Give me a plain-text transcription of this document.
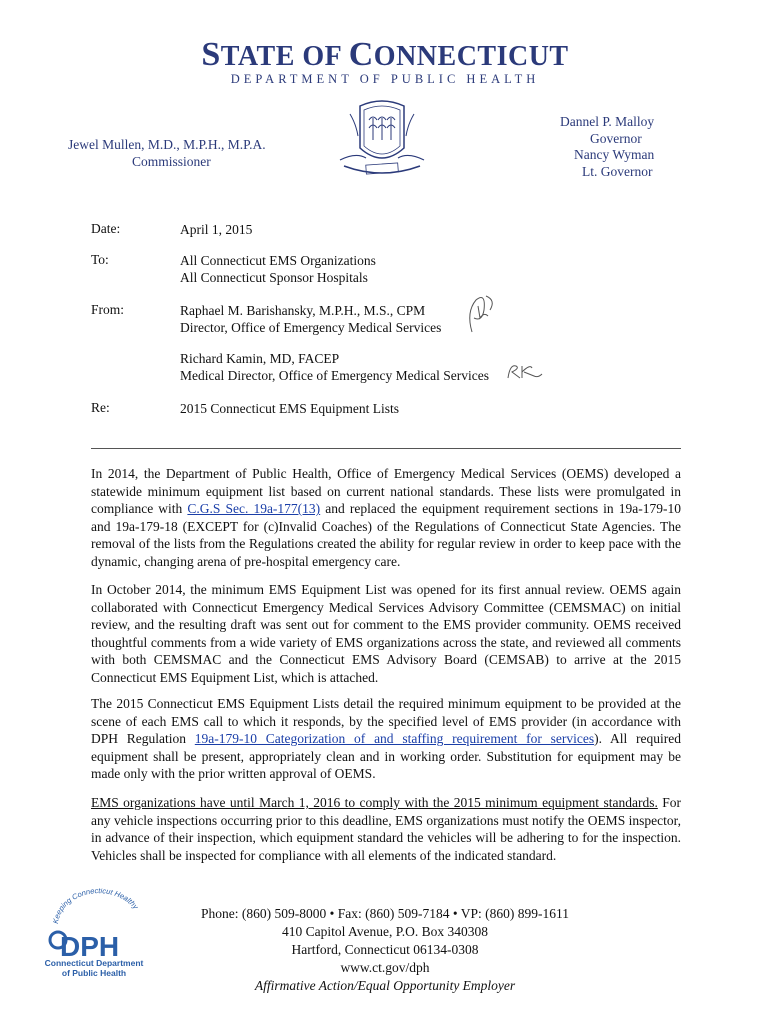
STATE OF CONNECTICUT
DEPARTMENT OF PUBLIC HEALTH
Jewel Mullen, M.D., M.P.H., M.P.A.
Commissioner
Dannel P. Malloy
Governor
Nancy Wyman
Lt. Governor
Date:	April 1, 2015
To:	All Connecticut EMS Organizations
All Connecticut Sponsor Hospitals
From:	Raphael M. Barishansky, M.P.H., M.S., CPM
Director, Office of Emergency Medical Services
Richard Kamin, MD, FACEP
Medical Director, Office of Emergency Medical Services
Re:	2015 Connecticut EMS Equipment Lists
In 2014, the Department of Public Health, Office of Emergency Medical Services (OEMS) developed a statewide minimum equipment list based on current national standards. These lists were promulgated in compliance with C.G.S Sec. 19a-177(13) and replaced the equipment requirement sections in 19a-179-10 and 19a-179-18 (EXCEPT for (c)Invalid Coaches) of the Regulations of Connecticut State Agencies. The removal of the lists from the Regulations created the ability for regular review in order to keep pace with the dynamic, changing arena of pre-hospital emergency care.
In October 2014, the minimum EMS Equipment List was opened for its first annual review. OEMS again collaborated with Connecticut Emergency Medical Services Advisory Committee (CEMSMAC) on initial review, and the resulting draft was sent out for comment to the EMS provider community. OEMS received thoughtful comments from a wide variety of EMS organizations across the state, and reviewed all comments with both CEMSMAC and the Connecticut EMS Advisory Board (CEMSAB) to arrive at the 2015 Connecticut EMS Equipment List, which is attached.
The 2015 Connecticut EMS Equipment Lists detail the required minimum equipment to be provided at the scene of each EMS call to which it responds, by the specified level of EMS provider (in accordance with DPH Regulation 19a-179-10 Categorization of and staffing requirement for services). All required equipment shall be present, appropriately clean and in working order. Substitution for equipment may be made only with the prior written approval of OEMS.
EMS organizations have until March 1, 2016 to comply with the 2015 minimum equipment standards. For any vehicle inspections occurring prior to this deadline, EMS organizations must notify the OEMS inspector, in advance of their inspection, which equipment standard the vehicles will be adhering to for the inspection. Vehicles shall be inspected for compliance with all elements of the indicated standard.
Keeping Connecticut Healthy
DPH
Connecticut Department
of Public Health
Phone: (860) 509-8000 • Fax: (860) 509-7184 • VP: (860) 899-1611
410 Capitol Avenue, P.O. Box 340308
Hartford, Connecticut 06134-0308
www.ct.gov/dph
Affirmative Action/Equal Opportunity Employer
